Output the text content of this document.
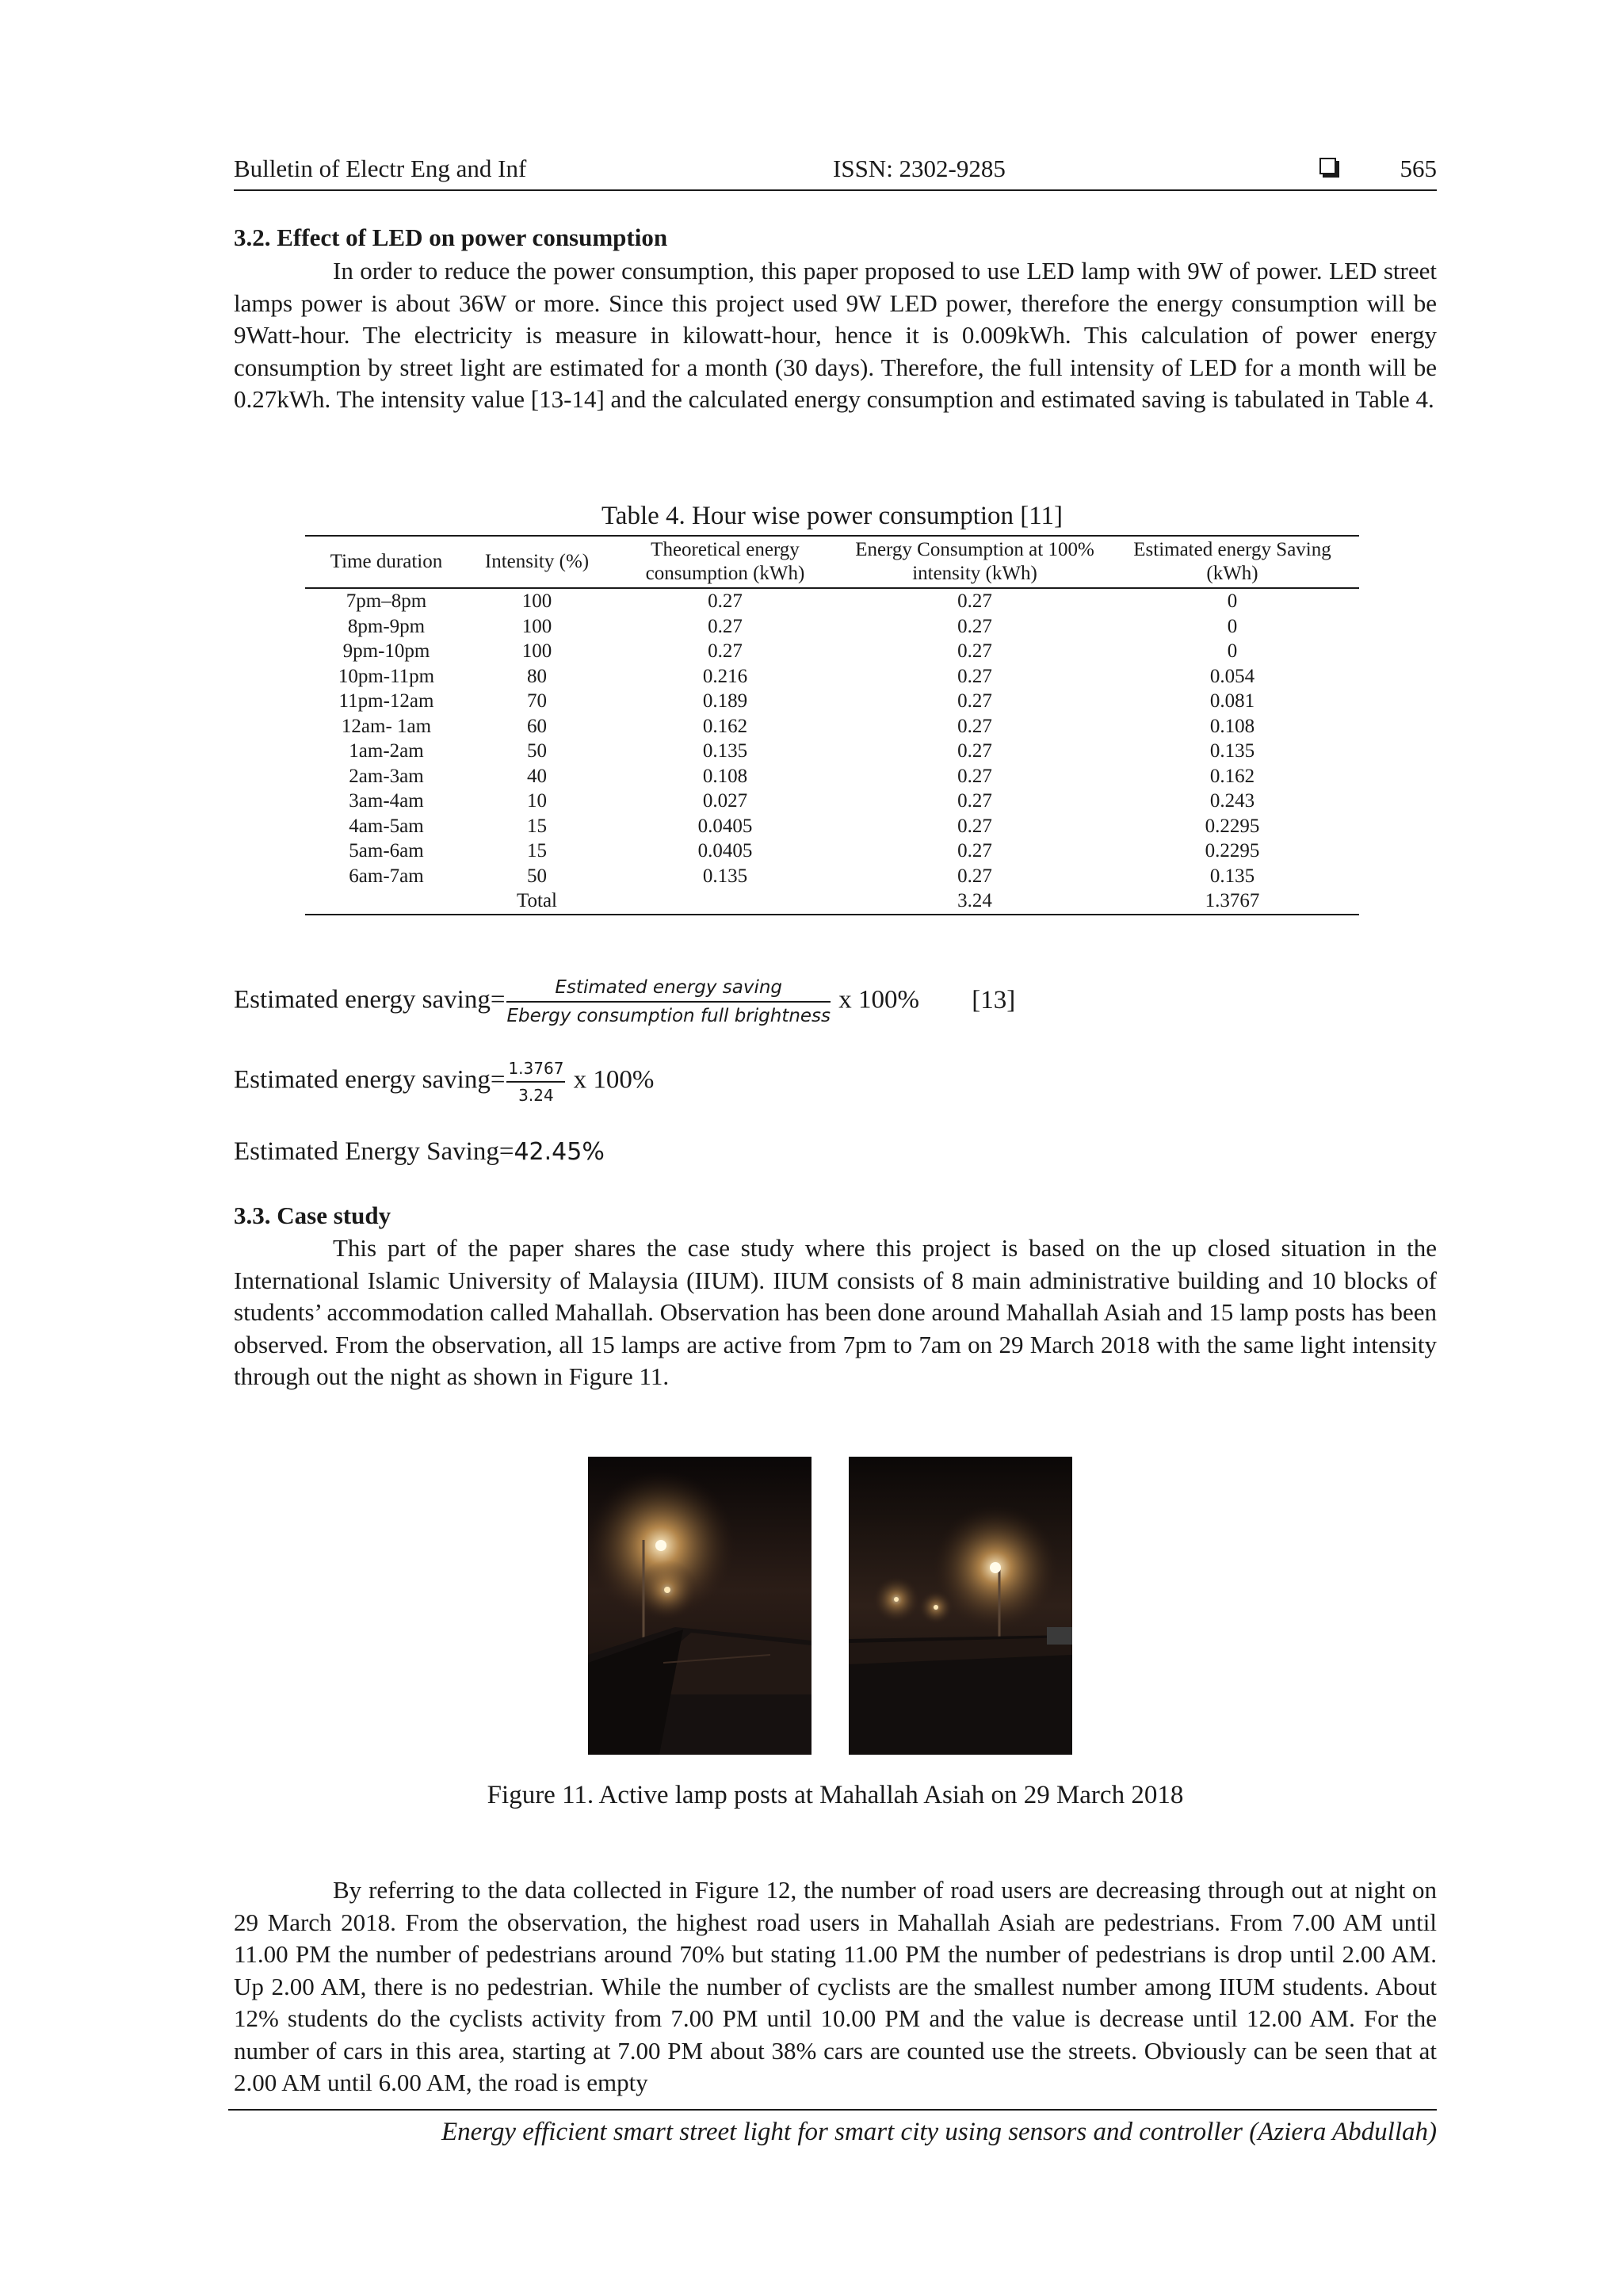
Bulletin of Electr Eng and Inf	ISSN: 2302-9285	565
3.2. Effect of LED on power consumption

In order to reduce the power consumption, this paper proposed to use LED lamp with 9W of power. LED street lamps power is about 36W or more. Since this project used 9W LED power, therefore the energy consumption will be 9Watt-hour. The electricity is measure in kilowatt-hour, hence it is 0.009kWh. This calculation of power energy consumption by street light are estimated for a month (30 days). Therefore, the full intensity of LED for a month will be 0.27kWh. The intensity value [13-14] and the calculated energy consumption and estimated saving is tabulated in Table 4.

Table 4. Hour wise power consumption [11]
Time duration	Intensity (%)	Theoretical energy consumption (kWh)	Energy Consumption at 100% intensity (kWh)	Estimated energy Saving (kWh)
7pm–8pm	100	0.27	0.27	0
8pm-9pm	100	0.27	0.27	0
9pm-10pm	100	0.27	0.27	0
10pm-11pm	80	0.216	0.27	0.054
11pm-12am	70	0.189	0.27	0.081
12am- 1am	60	0.162	0.27	0.108
1am-2am	50	0.135	0.27	0.135
2am-3am	40	0.108	0.27	0.162
3am-4am	10	0.027	0.27	0.243
4am-5am	15	0.0405	0.27	0.2295
5am-6am	15	0.0405	0.27	0.2295
6am-7am	50	0.135	0.27	0.135
	Total		3.24	1.3767
Estimated energy saving= $\frac{\text{Estimated energy saving}}{\text{Ebergy consumption full brightness}}$ x 100% [13]
Estimated energy saving= $\frac{1.3767}{3.24}$ x 100%
Estimated Energy Saving=42.45%
3.3. Case study

This part of the paper shares the case study where this project is based on the up closed situation in the International Islamic University of Malaysia (IIUM). IIUM consists of 8 main administrative building and 10 blocks of students’ accommodation called Mahallah. Observation has been done around Mahallah Asiah and 15 lamp posts has been observed. From the observation, all 15 lamps are active from 7pm to 7am on 29 March 2018 with the same light intensity through out the night as shown in Figure 11.

Figure 11. Active lamp posts at Mahallah Asiah on 29 March 2018

By referring to the data collected in Figure 12, the number of road users are decreasing through out at night on 29 March 2018. From the observation, the highest road users in Mahallah Asiah are pedestrians. From 7.00 AM until 11.00 PM the number of pedestrians around 70% but stating 11.00 PM the number of pedestrians is drop until 2.00 AM. Up 2.00 AM, there is no pedestrian. While the number of cyclists are the smallest number among IIUM students. About 12% students do the cyclists activity from 7.00 PM until 10.00 PM and the value is decrease until 12.00 AM. For the number of cars in this area, starting at 7.00 PM about 38% cars are counted use the streets. Obviously can be seen that at 2.00 AM until 6.00 AM, the road is empty

Energy efficient smart street light for smart city using sensors and controller (Aziera Abdullah)
